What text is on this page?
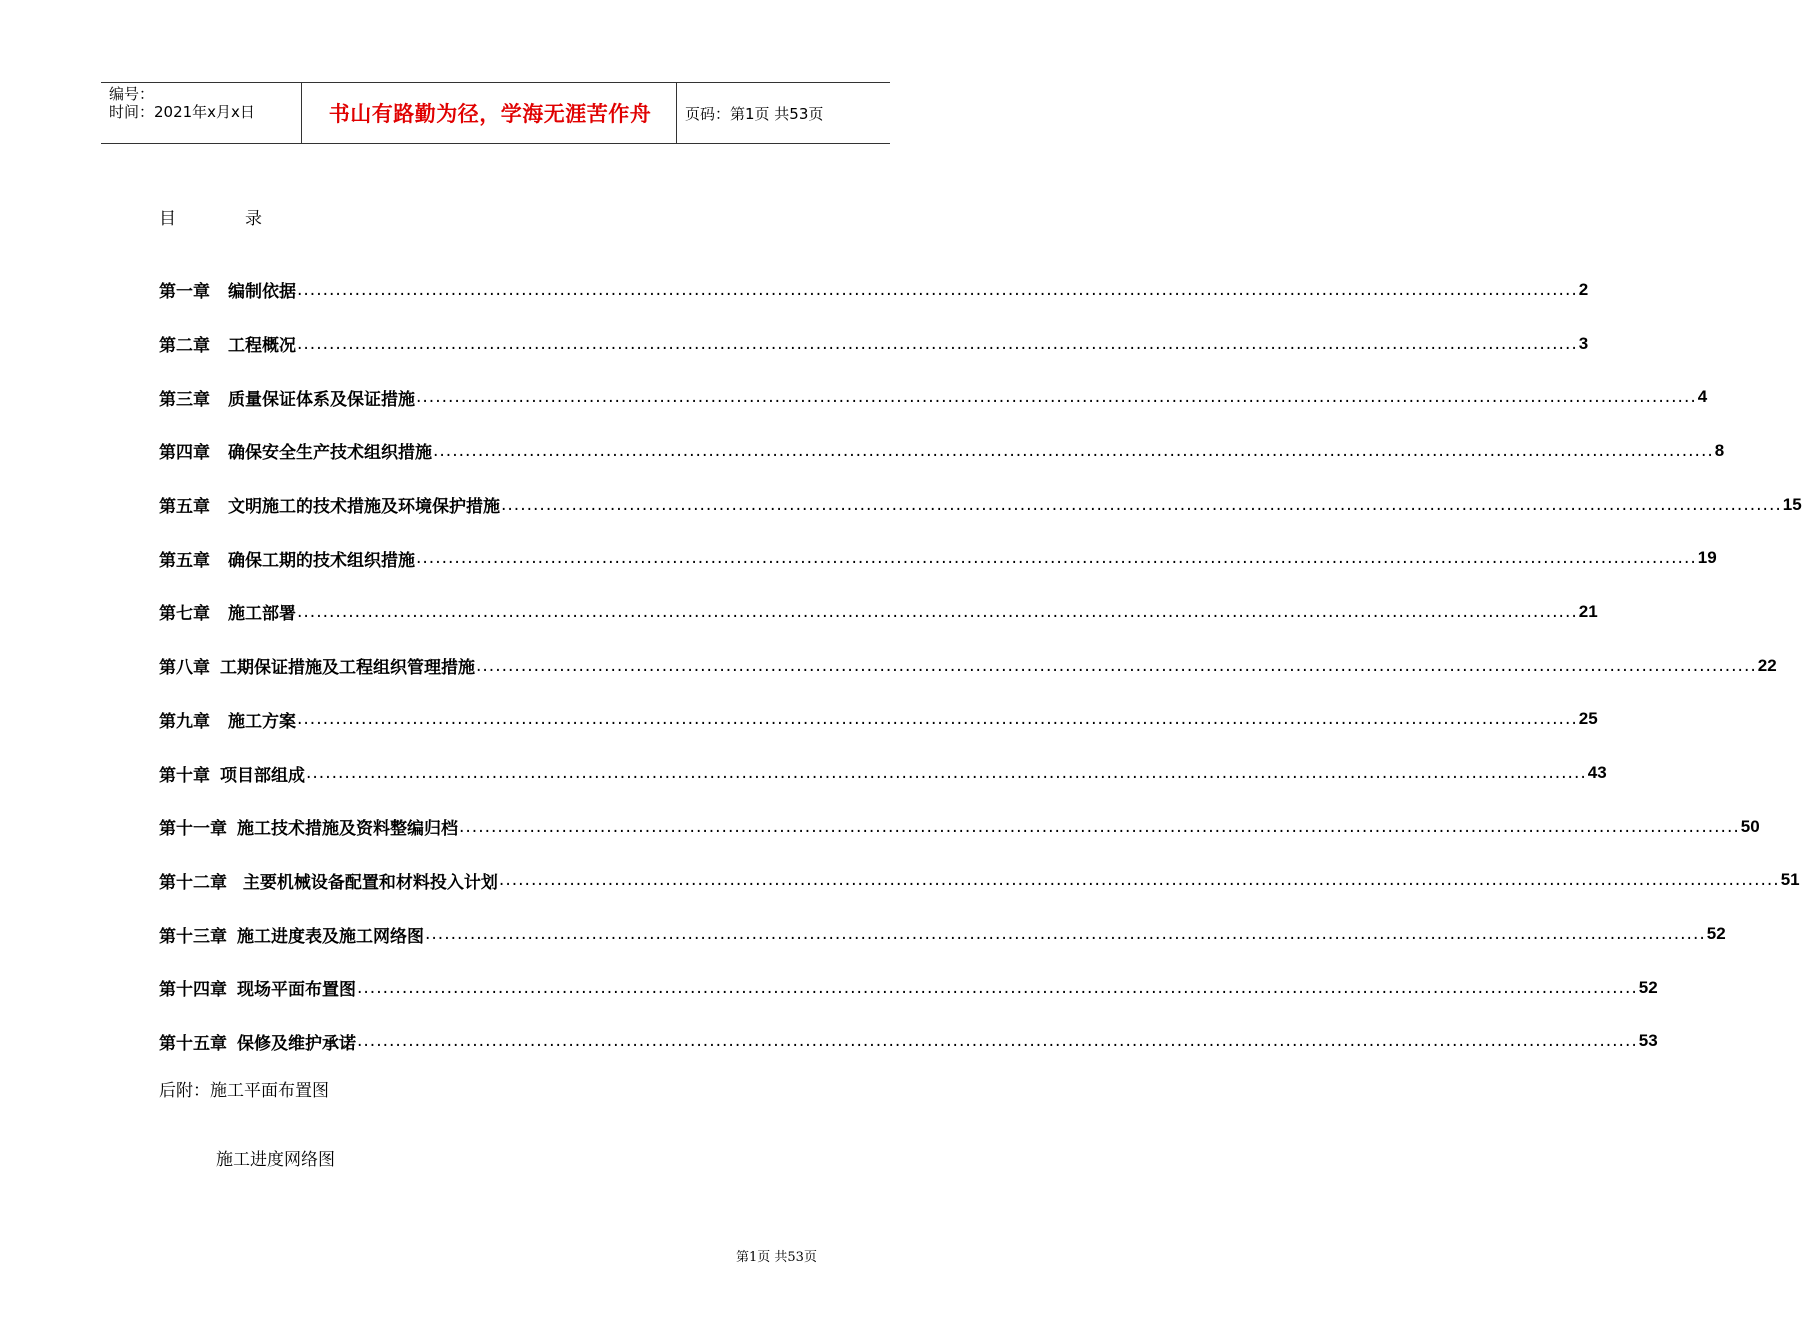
编号：
时间：2021年x月x日	书山有路勤为径，学海无涯苦作舟	页码：第1页 共53页
目	录
第一章 编制依据 ........................................................................................................................................................................................................ 2
第二章 工程概况 ........................................................................................................................................................................................................ 3
第三章 质量保证体系及保证措施 ........................................................................................................................................................................................................ 4
第四章 确保安全生产技术组织措施 ........................................................................................................................................................................................................ 8
第五章 文明施工的技术措施及环境保护措施 ........................................................................................................................................................................................................ 15
第五章 确保工期的技术组织措施 ........................................................................................................................................................................................................ 19
第七章 施工部署 ........................................................................................................................................................................................................ 21
第八章 工期保证措施及工程组织管理措施 ........................................................................................................................................................................................................ 22
第九章 施工方案 ........................................................................................................................................................................................................ 25
第十章 项目部组成 ........................................................................................................................................................................................................ 43
第十一章 施工技术措施及资料整编归档 ........................................................................................................................................................................................................ 50
第十二章 主要机械设备配置和材料投入计划 ........................................................................................................................................................................................................ 51
第十三章 施工进度表及施工网络图 ........................................................................................................................................................................................................ 52
第十四章 现场平面布置图 ........................................................................................................................................................................................................ 52
第十五章 保修及维护承诺 ........................................................................................................................................................................................................ 53
后附：施工平面布置图
施工进度网络图
第1页 共53页
